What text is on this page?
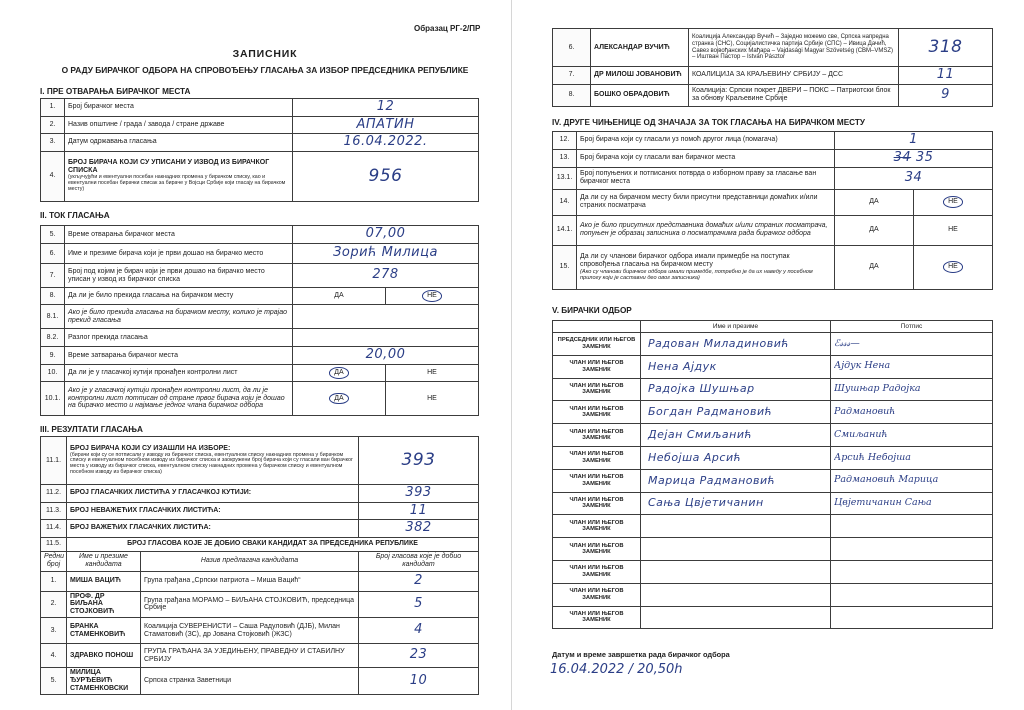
Образац РГ-2/ПР
ЗАПИСНИК
О РАДУ БИРАЧКОГ ОДБОРА НА СПРОВОЂЕЊУ ГЛАСАЊА ЗА ИЗБОР ПРЕДСЕДНИКА РЕПУБЛИКЕ
I. ПРЕ ОТВАРАЊА БИРАЧКОГ МЕСТА
1.	Број бирачког места	12

2.	Назив општине / града / завода / стране државе	АПАТИН

3.	Датум одржавања гласања	16.04.2022.

4.	БРОЈ БИРАЧА КОЈИ СУ УПИСАНИ У ИЗВОД ИЗ БИРАЧКОГ СПИСКА
(укључујући и евентуални посебан накнадних промена у бирачком списку, као и евентуални посебан бирачки списак за бираче у Војсци Србије који гласају на бирачком месту)	956
II. ТОК ГЛАСАЊА
5.	Време отварања бирачког места	07,00	

6.	Име и презиме бирача који је први дошао на бирачко место	Зорић Милица	

7.	Број под којим је бирач који је први дошао на бирачко место уписан у извод из бирачког списка	278	

8.	Да ли је било прекида гласања на бирачком месту	ДА	НЕ
8.1.	Ако је било прекида гласања на бирачком месту, колико је трајао прекид гласања		
8.2.	Разлог прекида гласања		
9.	Време затварања бирачког места	20,00	

10.	Да ли је у гласачкој кутији пронађен контролни лист	ДА	НЕ
10.1.	Ако је у гласачкој кутији пронађен контролни лист, да ли је контролни лист потписан од стране првог бирача који је дошао на бирачко место и најмање једног члана бирачког одбора	ДА	НЕ
III. РЕЗУЛТАТИ ГЛАСАЊА
11.1.	БРОЈ БИРАЧА КОЈИ СУ ИЗАШЛИ НА ИЗБОРЕ:
(бирачи који су се потписали у изводу из бирачког списка, евентуалном списку накнадних промена у бирачком списку и евентуалном посебном изводу из бирачког списка и заокружени број бирача који су гласали ван бирачког места у изводу из бирачког списка, евентуалном списку накнадних промена у бирачком списку и евентуалном посебном изводу из бирачког списка)		393

11.2.	БРОЈ ГЛАСАЧКИХ ЛИСТИЋА У ГЛАСАЧКОЈ КУТИЈИ:		393

11.3.	БРОЈ НЕВАЖЕЋИХ ГЛАСАЧКИХ ЛИСТИЋА:		11

11.4.	БРОЈ ВАЖЕЋИХ ГЛАСАЧКИХ ЛИСТИЋА:		382

11.5.	БРОЈ ГЛАСОВА КОЈЕ ЈЕ ДОБИО СВАКИ КАНДИДАТ ЗА ПРЕДСЕДНИКА РЕПУБЛИКЕ		
Редни број	Име и презиме кандидата	Назив предлагача кандидата	Број гласова које је добио кандидат
1.	МИША ВАЦИЋ	Група грађана „Српски патриота – Миша Вацић“	2

2.	ПРОФ. ДР БИЉАНА СТОЈКОВИЋ	Група грађана МОРАМО – БИЉАНА СТОЈКОВИЋ, председница Србије	5

3.	БРАНКА СТАМЕНКОВИЋ	Коалиција СУВЕРЕНИСТИ – Саша Радуловић (ДЈБ), Милан Стаматовић (ЗС), др Јована Стојковић (ЖЗС)	4

4.	ЗДРАВКО ПОНОШ	ГРУПА ГРАЂАНА ЗА УЈЕДИЊЕНУ, ПРАВЕДНУ И СТАБИЛНУ СРБИЈУ	23

5.	МИЛИЦА ЂУРЂЕВИЋ СТАМЕНКОВСКИ	Српска странка Заветници	10
6.	АЛЕКСАНДАР ВУЧИЋ	Коалиција Александар Вучић – Заједно можемо све, Српска напредна странка (СНС), Социјалистичка партија Србије (СПС) – Ивица Дачић, Савез војвођанских Мађара – Vajdasági Magyar Szövetség (СВМ–VMSZ) – Иштван Пастор – István Pásztor	318

7.	ДР МИЛОШ ЈОВАНОВИЋ	КОАЛИЦИЈА ЗА КРАЉЕВИНУ СРБИЈУ – ДСС	11

8.	БОШКО ОБРАДОВИЋ	Коалиција: Српски покрет ДВЕРИ – ПОКС – Патриотски блок за обнову Краљевине Србије	9
IV. ДРУГЕ ЧИЊЕНИЦЕ ОД ЗНАЧАЈА ЗА ТОК ГЛАСАЊА НА БИРАЧКОМ МЕСТУ
12.	Број бирача који су гласали уз помоћ другог лица (помагача)	1	

13.	Број бирача који су гласали ван бирачког места	34 35	

13.1.	Број попуњених и потписаних потврда о изборном праву за гласање ван бирачког места	34	

14.	Да ли су на бирачком месту били присутни представници домаћих и/или страних посматрача	ДА	НЕ
14.1.	Ако је било присутних представника домаћих и/или страних посматрача, попуњен је образац записника о посматрачима рада бирачког одбора	ДА	НЕ
15.	Да ли су чланови бирачког одбора имали примедбе на поступак спровођења гласања на бирачком месту
(Ако су чланови бирачког одбора имали примедбе, потребно је да их наведу у посебном прилогу који је саставни део овог записника)	ДА	НЕ
V. БИРАЧКИ ОДБОР
	Име и презиме	Потпис
ПРЕДСЕДНИК ИЛИ ЊЕГОВ ЗАМЕНИК	Радован Миладиновић	ℰ𝓈𝓈𝓈—

ЧЛАН ИЛИ ЊЕГОВ ЗАМЕНИК	Нена Ајдук	Ајдук Нена

ЧЛАН ИЛИ ЊЕГОВ ЗАМЕНИК	Радојка Шушњар	Шушњар Радојка

ЧЛАН ИЛИ ЊЕГОВ ЗАМЕНИК	Богдан Радмановић	Радмановић

ЧЛАН ИЛИ ЊЕГОВ ЗАМЕНИК	Дејан Смиљанић	Смиљанић

ЧЛАН ИЛИ ЊЕГОВ ЗАМЕНИК	Небојша Арсић	Арсић Небојша

ЧЛАН ИЛИ ЊЕГОВ ЗАМЕНИК	Марица Радмановић	Радмановић Марица

ЧЛАН ИЛИ ЊЕГОВ ЗАМЕНИК	Сања Цвјетичанин	Цвјетичанин Сања

ЧЛАН ИЛИ ЊЕГОВ ЗАМЕНИК	

ЧЛАН ИЛИ ЊЕГОВ ЗАМЕНИК	

ЧЛАН ИЛИ ЊЕГОВ ЗАМЕНИК	

ЧЛАН ИЛИ ЊЕГОВ ЗАМЕНИК	

ЧЛАН ИЛИ ЊЕГОВ ЗАМЕНИК	

Датум и време завршетка рада бирачког одбора
16.04.2022 / 20,50h
